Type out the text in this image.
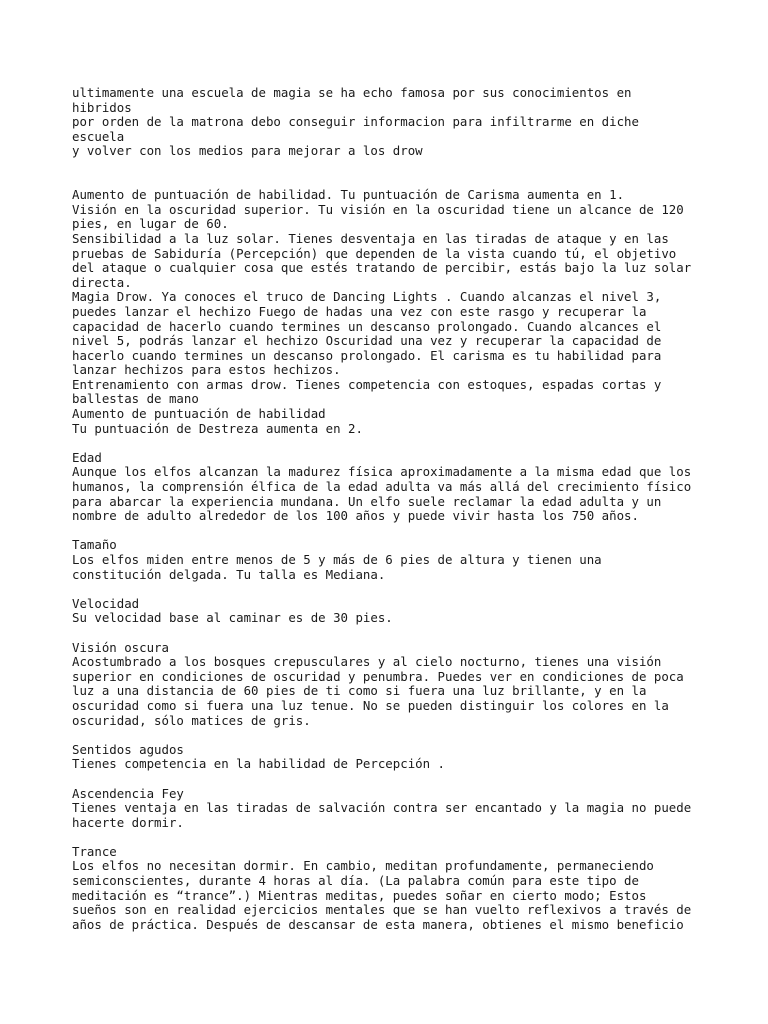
ultimamente una escuela de magia se ha echo famosa por sus conocimientos en
hibridos
por orden de la matrona debo conseguir informacion para infiltrarme en diche
escuela
y volver con los medios para mejorar a los drow
Aumento de puntuación de habilidad. Tu puntuación de Carisma aumenta en 1.
Visión en la oscuridad superior. Tu visión en la oscuridad tiene un alcance de 120
pies, en lugar de 60.
Sensibilidad a la luz solar. Tienes desventaja en las tiradas de ataque y en las
pruebas de Sabiduría (Percepción) que dependen de la vista cuando tú, el objetivo
del ataque o cualquier cosa que estés tratando de percibir, estás bajo la luz solar
directa.
Magia Drow. Ya conoces el truco de Dancing Lights . Cuando alcanzas el nivel 3,
puedes lanzar el hechizo Fuego de hadas una vez con este rasgo y recuperar la
capacidad de hacerlo cuando termines un descanso prolongado. Cuando alcances el
nivel 5, podrás lanzar el hechizo Oscuridad una vez y recuperar la capacidad de
hacerlo cuando termines un descanso prolongado. El carisma es tu habilidad para
lanzar hechizos para estos hechizos.
Entrenamiento con armas drow. Tienes competencia con estoques, espadas cortas y
ballestas de mano
Aumento de puntuación de habilidad
Tu puntuación de Destreza aumenta en 2.
Edad
Aunque los elfos alcanzan la madurez física aproximadamente a la misma edad que los
humanos, la comprensión élfica de la edad adulta va más allá del crecimiento físico
para abarcar la experiencia mundana. Un elfo suele reclamar la edad adulta y un
nombre de adulto alrededor de los 100 años y puede vivir hasta los 750 años.
Tamaño
Los elfos miden entre menos de 5 y más de 6 pies de altura y tienen una
constitución delgada. Tu talla es Mediana.
Velocidad
Su velocidad base al caminar es de 30 pies.
Visión oscura
Acostumbrado a los bosques crepusculares y al cielo nocturno, tienes una visión
superior en condiciones de oscuridad y penumbra. Puedes ver en condiciones de poca
luz a una distancia de 60 pies de ti como si fuera una luz brillante, y en la
oscuridad como si fuera una luz tenue. No se pueden distinguir los colores en la
oscuridad, sólo matices de gris.
Sentidos agudos
Tienes competencia en la habilidad de Percepción .
Ascendencia Fey
Tienes ventaja en las tiradas de salvación contra ser encantado y la magia no puede
hacerte dormir.
Trance
Los elfos no necesitan dormir. En cambio, meditan profundamente, permaneciendo
semiconscientes, durante 4 horas al día. (La palabra común para este tipo de
meditación es “trance”.) Mientras meditas, puedes soñar en cierto modo; Estos
sueños son en realidad ejercicios mentales que se han vuelto reflexivos a través de
años de práctica. Después de descansar de esta manera, obtienes el mismo beneficio
